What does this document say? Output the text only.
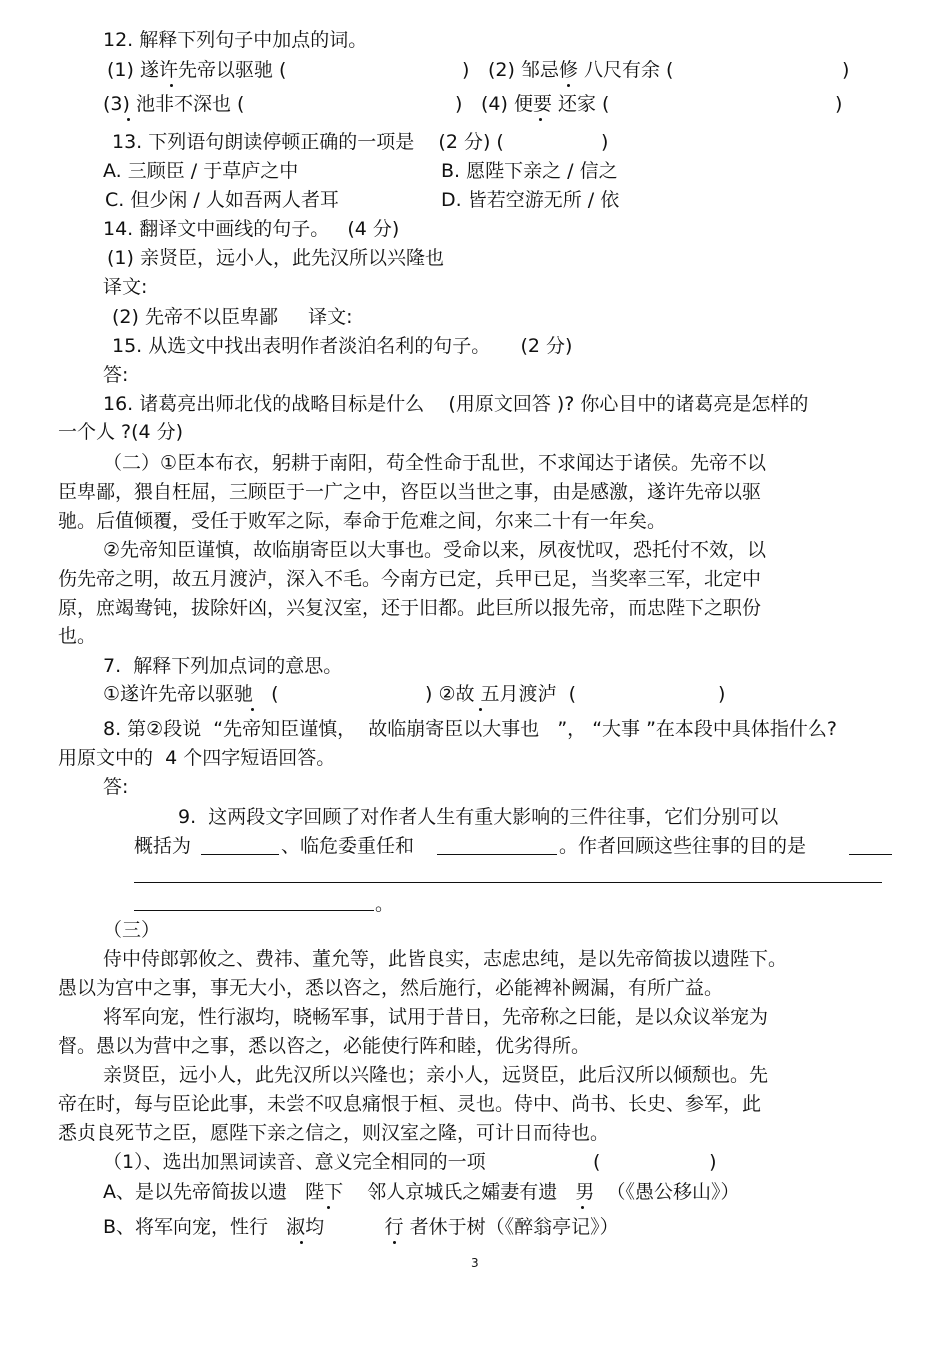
12. 解释下列句子中加点的词。
(1) 遂许先帝以驱驰 (	) (2) 邹忌修 八尺有余 (	)
(3) 池非不深也 (	) (4) 便要 还家 (	)
13. 下列语句朗读停顿正确的一项是    (2 分) (	)
A. 三顾臣 / 于草庐之中	B. 愿陛下亲之 / 信之
C. 但少闲 / 人如吾两人者耳	D. 皆若空游无所 / 依
14. 翻译文中画线的句子。   (4 分)
(1) 亲贤臣，远小人，此先汉所以兴隆也
译文:
(2) 先帝不以臣卑鄙     译文:
15. 从选文中找出表明作者淡泊名利的句子。     (2 分)
答:
16. 诸葛亮出师北伐的战略目标是什么    (用原文回答 )? 你心目中的诸葛亮是怎样的
一个人 ?(4 分)
（二）①臣本布衣，躬耕于南阳，苟全性命于乱世，不求闻达于诸侯。先帝不以
臣卑鄙，猥自枉屈，三顾臣于一广之中，咨臣以当世之事，由是感激，遂许先帝以驱
驰。后值倾覆，受任于败军之际，奉命于危难之间，尔来二十有一年矣。
②先帝知臣谨慎，故临崩寄臣以大事也。受命以来，夙夜忧叹，恐托付不效，以
伤先帝之明，故五月渡泸，深入不毛。今南方已定，兵甲已足，当奖率三军，北定中
原，庶竭鸯钝，拔除奸凶，兴复汉室，还于旧都。此巨所以报先帝，而忠陛下之职份
也。
7.  解释下列加点词的意思。
①遂许先帝以驱驰   (	) ②故 五月渡泸  (	)
8. 第②段说  “先帝知臣谨慎，  故临崩寄臣以大事也   ”， “大事 ”在本段中具体指什么?
用原文中的  4 个四字短语回答。
答:
9.  这两段文字回顾了对作者人生有重大影响的三件往事，它们分别可以
概括为	、临危委重任和	。作者回顾这些往事的目的是
。
（三）
侍中侍郎郭攸之、费祎、董允等，此皆良实，志虑忠纯，是以先帝简拔以遗陛下。
愚以为宫中之事，事无大小，悉以咨之，然后施行，必能裨补阙漏，有所广益。
将军向宠，性行淑均，晓畅军事，试用于昔日，先帝称之曰能，是以众议举宠为
督。愚以为营中之事，悉以咨之，必能使行阵和睦，优劣得所。
亲贤臣，远小人，此先汉所以兴隆也；亲小人，远贤臣，此后汉所以倾颓也。先
帝在时，每与臣论此事，未尝不叹息痛恨于桓、灵也。侍中、尚书、长史、参军，此
悉贞良死节之臣，愿陛下亲之信之，则汉室之隆，可计日而待也。
（1）、选出加黑词读音、意义完全相同的一项	(                  )
A、是以先帝简拔以遗   陛下    邻人京城氏之孀妻有遗   男  （《愚公移山》）
B、将军向宠，性行   淑均          行 者休于树（《醉翁亭记》）
3
